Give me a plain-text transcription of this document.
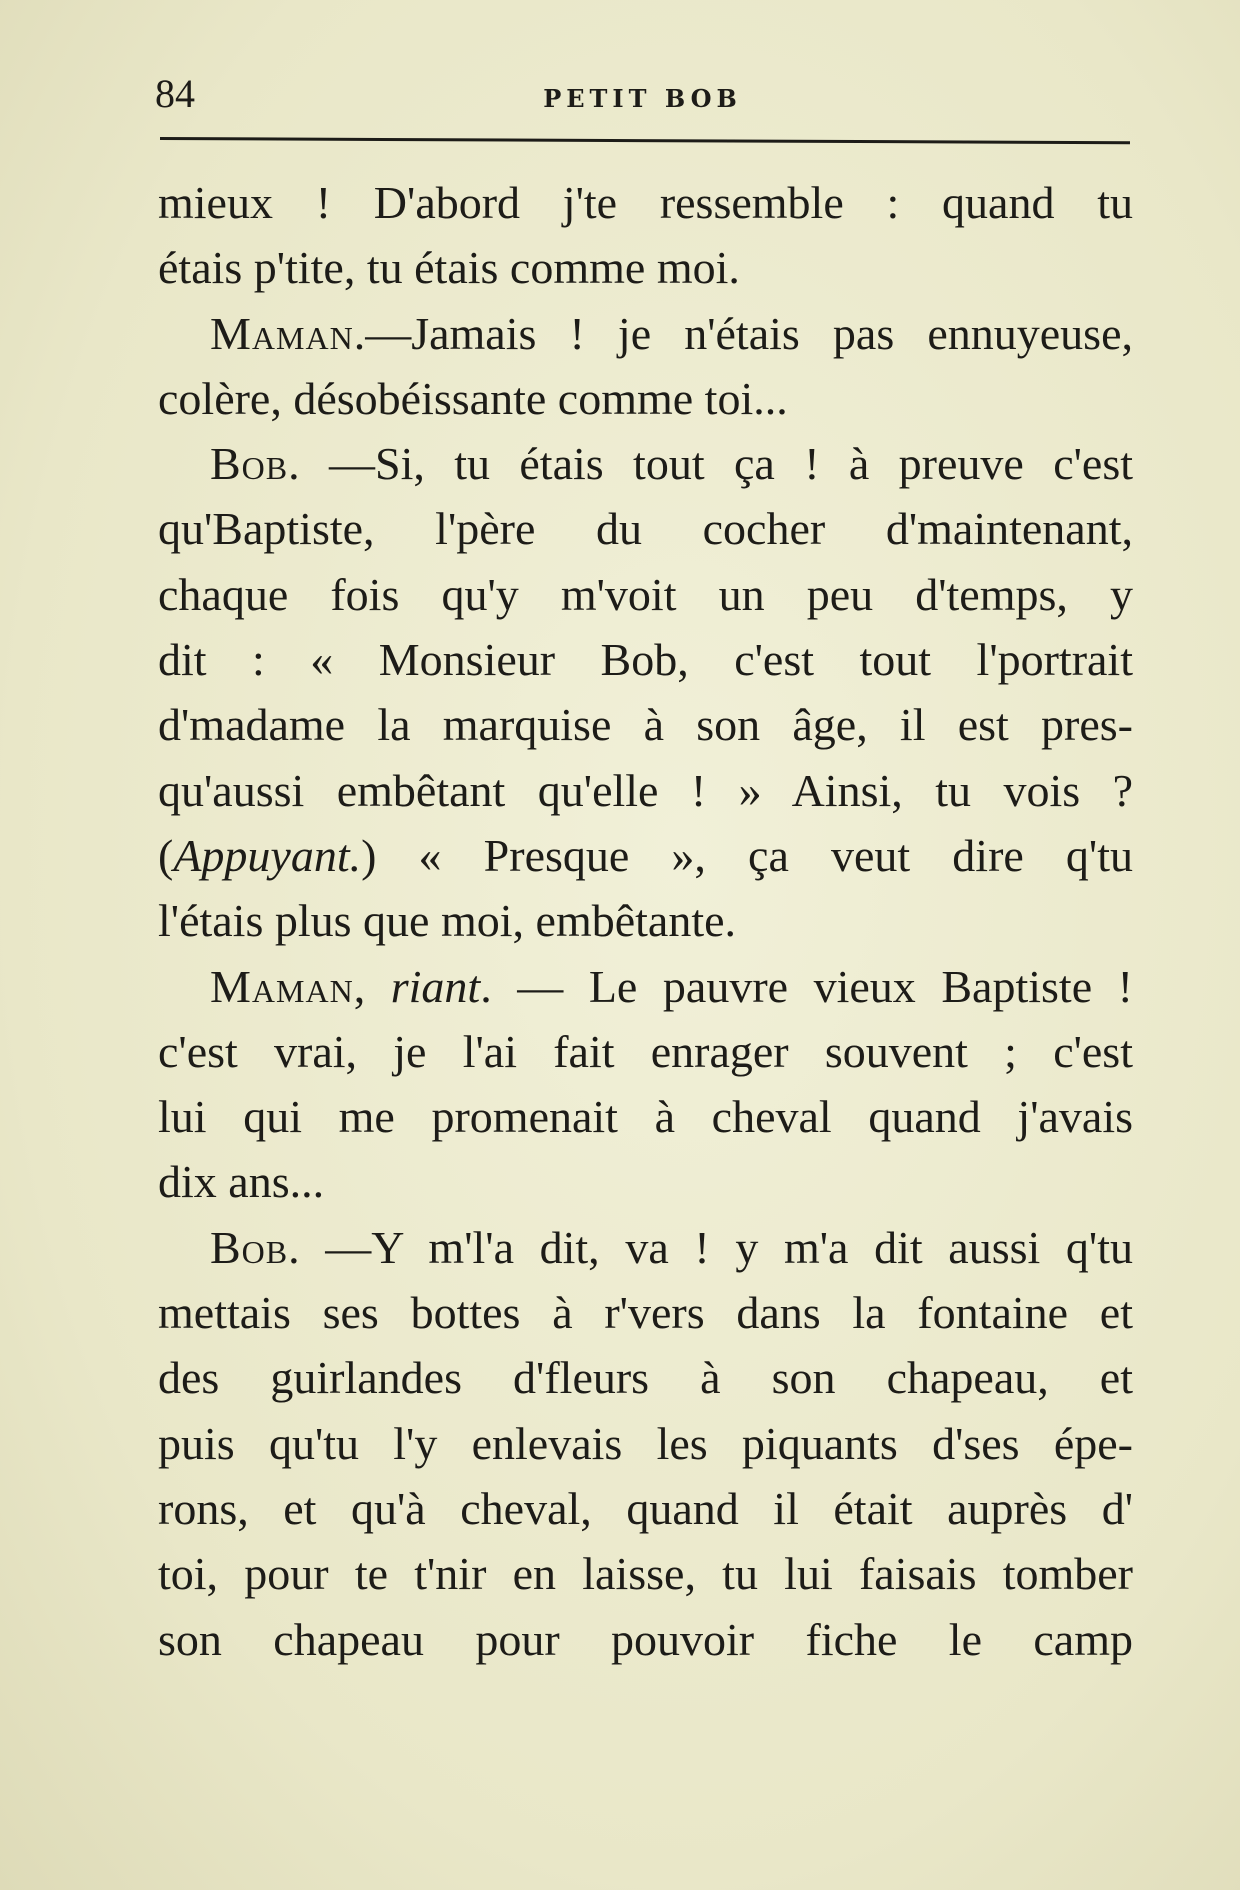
84	PETIT BOB
mieux ! D'abord j'te ressemble : quand tu
étais p'tite, tu étais comme moi.
Maman.—Jamais ! je n'étais pas ennuyeuse,
colère, désobéissante comme toi...
Bob. —Si, tu étais tout ça ! à preuve c'est
qu'Baptiste, l'père du cocher d'maintenant,
chaque fois qu'y m'voit un peu d'temps, y
dit : « Monsieur Bob, c'est tout l'portrait
d'madame la marquise à son âge, il est pres-
qu'aussi embêtant qu'elle ! » Ainsi, tu vois ?
(Appuyant.) « Presque », ça veut dire q'tu
l'étais plus que moi, embêtante.
Maman, riant. — Le pauvre vieux Baptiste !
c'est vrai, je l'ai fait enrager souvent ; c'est
lui qui me promenait à cheval quand j'avais
dix ans...
Bob. —Y m'l'a dit, va ! y m'a dit aussi q'tu
mettais ses bottes à r'vers dans la fontaine et
des guirlandes d'fleurs à son chapeau, et
puis qu'tu l'y enlevais les piquants d'ses épe-
rons, et qu'à cheval, quand il était auprès d'
toi, pour te t'nir en laisse, tu lui faisais tomber
son chapeau pour pouvoir fiche le camp
